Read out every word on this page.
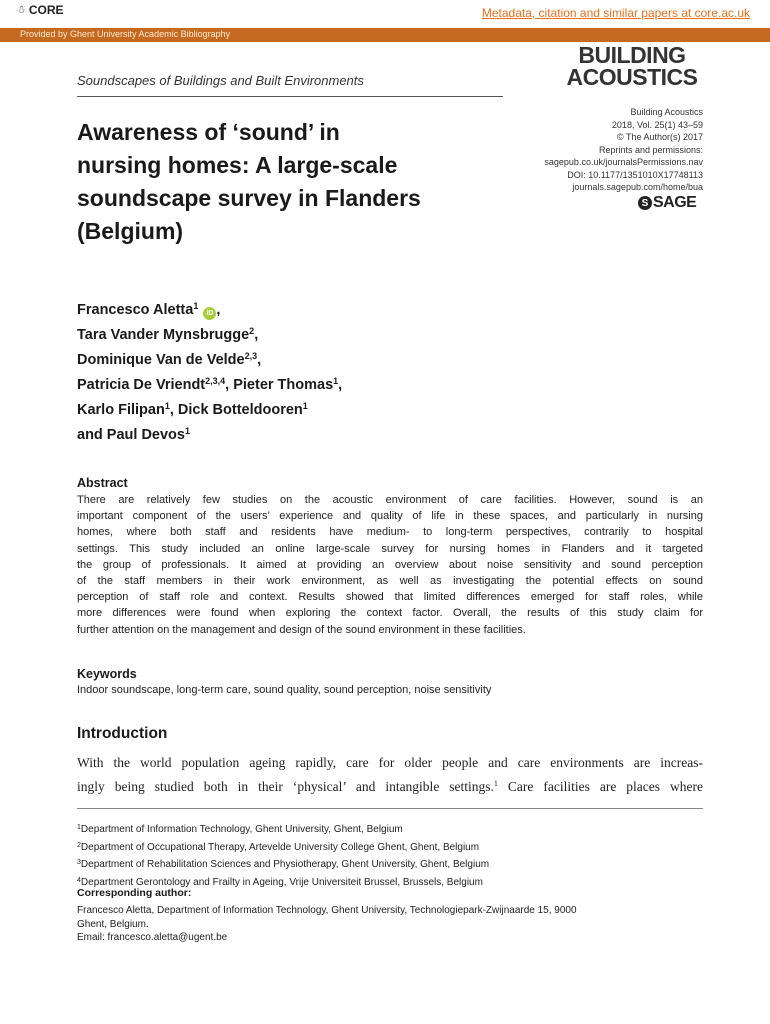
☃ CORE	Metadata, citation and similar papers at core.ac.uk
Provided by Ghent University Academic Bibliography
Soundscapes of Buildings and Built Environments
BUILDING
ACOUSTICS
Building Acoustics
2018, Vol. 25(1) 43–59
© The Author(s) 2017
Reprints and permissions:
sagepub.co.uk/journalsPermissions.nav
DOI: 10.1177/1351010X17748113
journals.sagepub.com/home/bua
S SAGE
Awareness of ‘sound’ in
nursing homes: A large-scale
soundscape survey in Flanders
(Belgium)
Francesco Aletta$^1$iD ,
Tara Vander Mynsbrugge$^2$,
Dominique Van de Velde$^{2,3}$,
Patricia De Vriendt$^{2,3,4}$, Pieter Thomas$^1$,
Karlo Filipan$^1$, Dick Botteldooren$^1$
and Paul Devos$^1$
Abstract
There are relatively few studies on the acoustic environment of care facilities. However, sound is an
important component of the users’ experience and quality of life in these spaces, and particularly in nursing
homes, where both staff and residents have medium- to long-term perspectives, contrarily to hospital
settings. This study included an online large-scale survey for nursing homes in Flanders and it targeted
the group of professionals. It aimed at providing an overview about noise sensitivity and sound perception
of the staff members in their work environment, as well as investigating the potential effects on sound
perception of staff role and context. Results showed that limited differences emerged for staff roles, while
more differences were found when exploring the context factor. Overall, the results of this study claim for
further attention on the management and design of the sound environment in these facilities.
Keywords
Indoor soundscape, long-term care, sound quality, sound perception, noise sensitivity
Introduction
With the world population ageing rapidly, care for older people and care environments are increas-
ingly being studied both in their ‘physical’ and intangible settings.$^1$ Care facilities are places where
$^1$Department of Information Technology, Ghent University, Ghent, Belgium
$^2$Department of Occupational Therapy, Artevelde University College Ghent, Ghent, Belgium
$^3$Department of Rehabilitation Sciences and Physiotherapy, Ghent University, Ghent, Belgium
$^4$Department Gerontology and Frailty in Ageing, Vrije Universiteit Brussel, Brussels, Belgium
Corresponding author:
Francesco Aletta, Department of Information Technology, Ghent University, Technologiepark-Zwijnaarde 15, 9000
Ghent, Belgium.
Email: francesco.aletta@ugent.be
